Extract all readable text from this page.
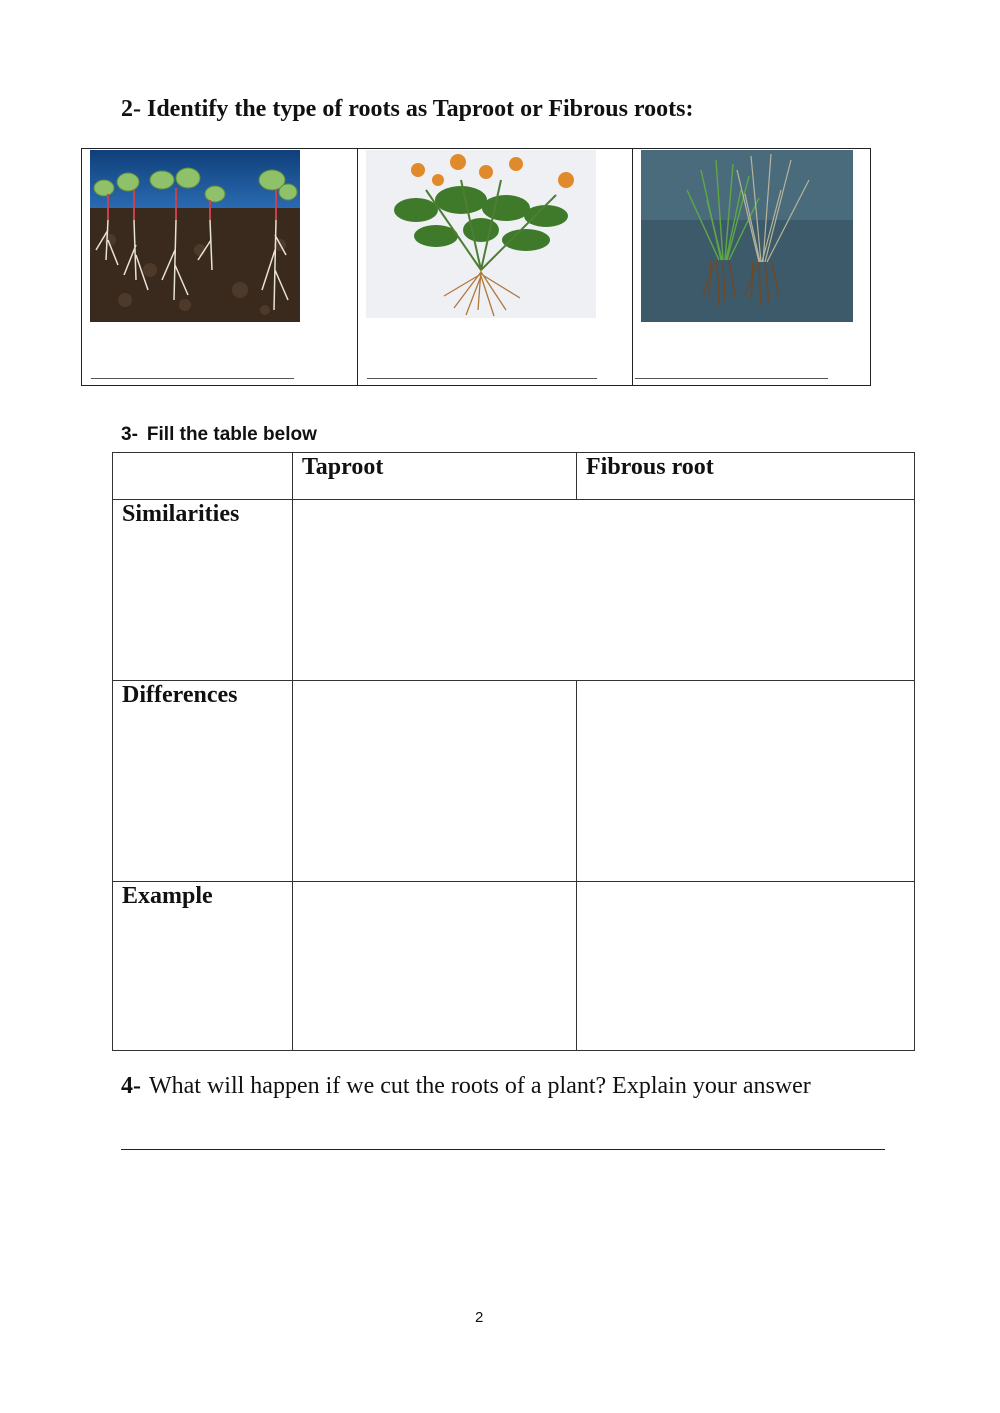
2- Identify the type of roots as Taproot or Fibrous roots:

3- Fill the table below

	Taproot	Fibrous root

Similarities		

Differences		

Example		

4- What will happen if we cut the roots of a plant? Explain your answer
2
